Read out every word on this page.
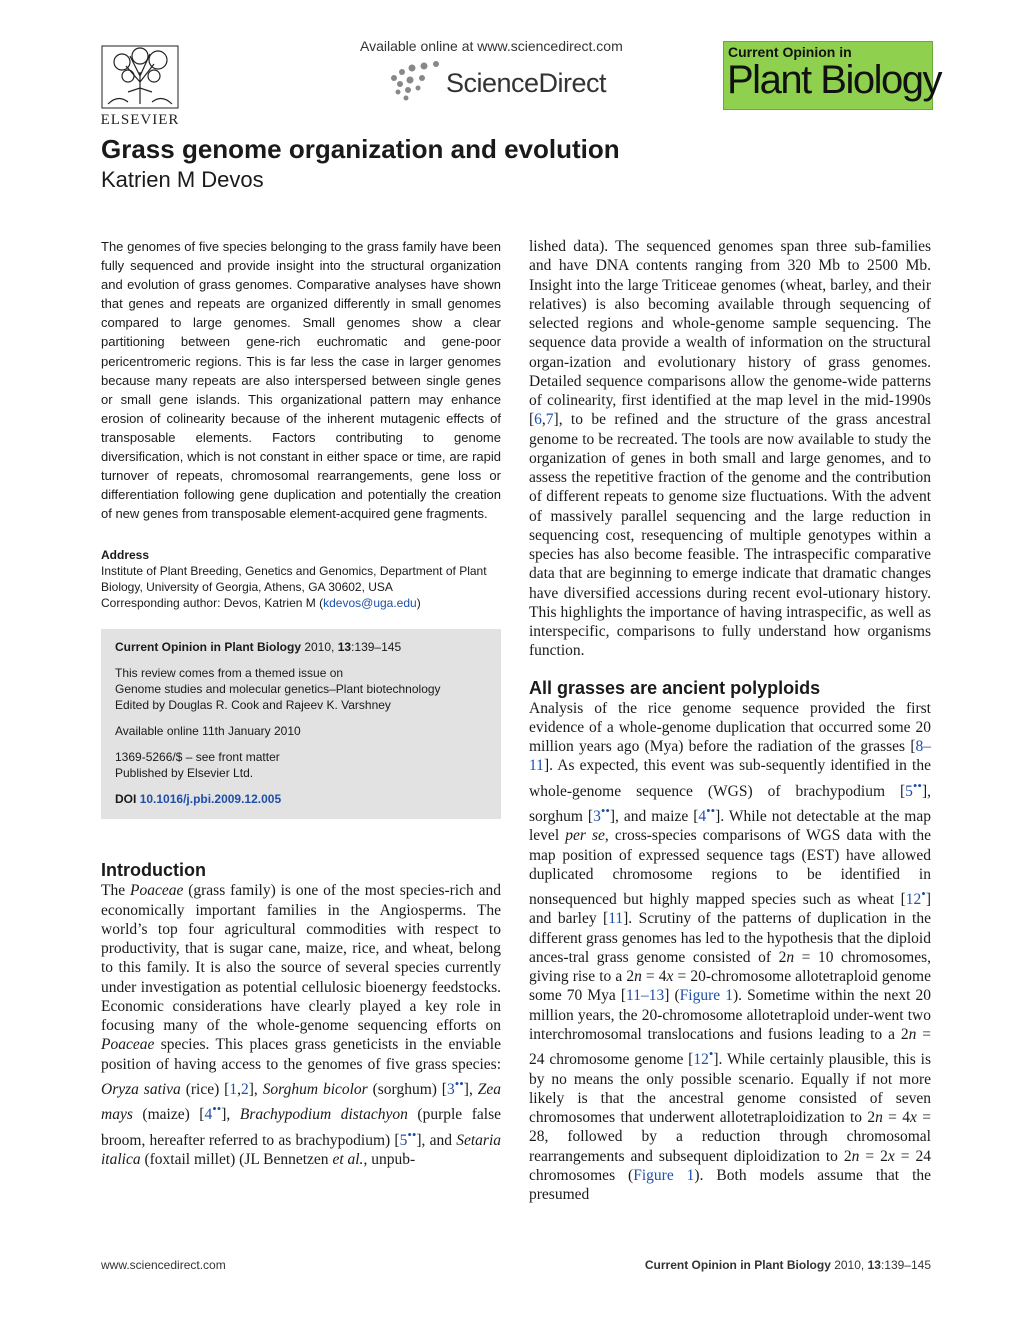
ELSEVIER
Available online at www.sciencedirect.com
ScienceDirect
Current Opinion in
Plant Biology
Grass genome organization and evolution
Katrien M Devos

The genomes of five species belonging to the grass family have been fully sequenced and provide insight into the structural organization and evolution of grass genomes. Comparative analyses have shown that genes and repeats are organized differently in small genomes compared to large genomes. Small genomes show a clear partitioning between gene-rich euchromatic and gene-poor pericentromeric regions. This is far less the case in larger genomes because many repeats are also interspersed between single genes or small gene islands. This organizational pattern may enhance erosion of colinearity because of the inherent mutagenic effects of transposable elements. Factors contributing to genome diversification, which is not constant in either space or time, are rapid turnover of repeats, chromosomal rearrangements, gene loss or differentiation following gene duplication and potentially the creation of new genes from transposable element-acquired gene fragments.

Address

Institute of Plant Breeding, Genetics and Genomics, Department of Plant Biology, University of Georgia, Athens, GA 30602, USA

Corresponding author: Devos, Katrien M (kdevos@uga.edu)

Current Opinion in Plant Biology 2010, 13:139–145

This review comes from a themed issue on

Genome studies and molecular genetics–Plant biotechnology

Edited by Douglas R. Cook and Rajeev K. Varshney

Available online 11th January 2010

1369-5266/$ – see front matter

Published by Elsevier Ltd.

DOI 10.1016/j.pbi.2009.12.005

Introduction

The Poaceae (grass family) is one of the most species-rich and economically important families in the Angiosperms. The world’s top four agricultural commodities with respect to productivity, that is sugar cane, maize, rice, and wheat, belong to this family. It is also the source of several species currently under investigation as potential cellulosic bioenergy feedstocks. Economic considerations have clearly played a key role in focusing many of the whole-genome sequencing efforts on Poaceae species. This places grass geneticists in the enviable position of having access to the genomes of five grass species: Oryza sativa (rice) [1,2], Sorghum bicolor (sorghum) [3••], Zea mays (maize) [4••], Brachypodium distachyon (purple false broom, hereafter referred to as brachypodium) [5••], and Setaria italica (foxtail millet) (JL Bennetzen et al., unpub-

lished data). The sequenced genomes span three sub-families and have DNA contents ranging from 320 Mb to 2500 Mb. Insight into the large Triticeae genomes (wheat, barley, and their relatives) is also becoming available through sequencing of selected regions and whole-genome sample sequencing. The sequence data provide a wealth of information on the structural organ-ization and evolutionary history of grass genomes. Detailed sequence comparisons allow the genome-wide patterns of colinearity, first identified at the map level in the mid-1990s [6,7], to be refined and the structure of the grass ancestral genome to be recreated. The tools are now available to study the organization of genes in both small and large genomes, and to assess the repetitive fraction of the genome and the contribution of different repeats to genome size fluctuations. With the advent of massively parallel sequencing and the large reduction in sequencing cost, resequencing of multiple genotypes within a species has also become feasible. The intraspecific comparative data that are beginning to emerge indicate that dramatic changes have diversified accessions during recent evol-utionary history. This highlights the importance of having intraspecific, as well as interspecific, comparisons to fully understand how organisms function.

All grasses are ancient polyploids

Analysis of the rice genome sequence provided the first evidence of a whole-genome duplication that occurred some 20 million years ago (Mya) before the radiation of the grasses [8–11]. As expected, this event was sub-sequently identified in the whole-genome sequence (WGS) of brachypodium [5••], sorghum [3••], and maize [4••]. While not detectable at the map level per se, cross-species comparisons of WGS data with the map position of expressed sequence tags (EST) have allowed duplicated chromosome regions to be identified in nonsequenced but highly mapped species such as wheat [12•] and barley [11]. Scrutiny of the patterns of duplication in the different grass genomes has led to the hypothesis that the diploid ances-tral grass genome consisted of 2n = 10 chromosomes, giving rise to a 2n = 4x = 20-chromosome allotetraploid genome some 70 Mya [11–13] (Figure 1). Sometime within the next 20 million years, the 20-chromosome allotetraploid under-went two interchromosomal translocations and fusions leading to a 2n = 24 chromosome genome [12•]. While certainly plausible, this is by no means the only possible scenario. Equally if not more likely is that the ancestral genome consisted of seven chromosomes that underwent allotetraploidization to 2n = 4x = 28, followed by a reduction through chromosomal rearrangements and subsequent diploidization to 2n = 2x = 24 chromosomes (Figure 1). Both models assume that the presumed

www.sciencedirect.com	Current Opinion in Plant Biology 2010, 13:139–145
